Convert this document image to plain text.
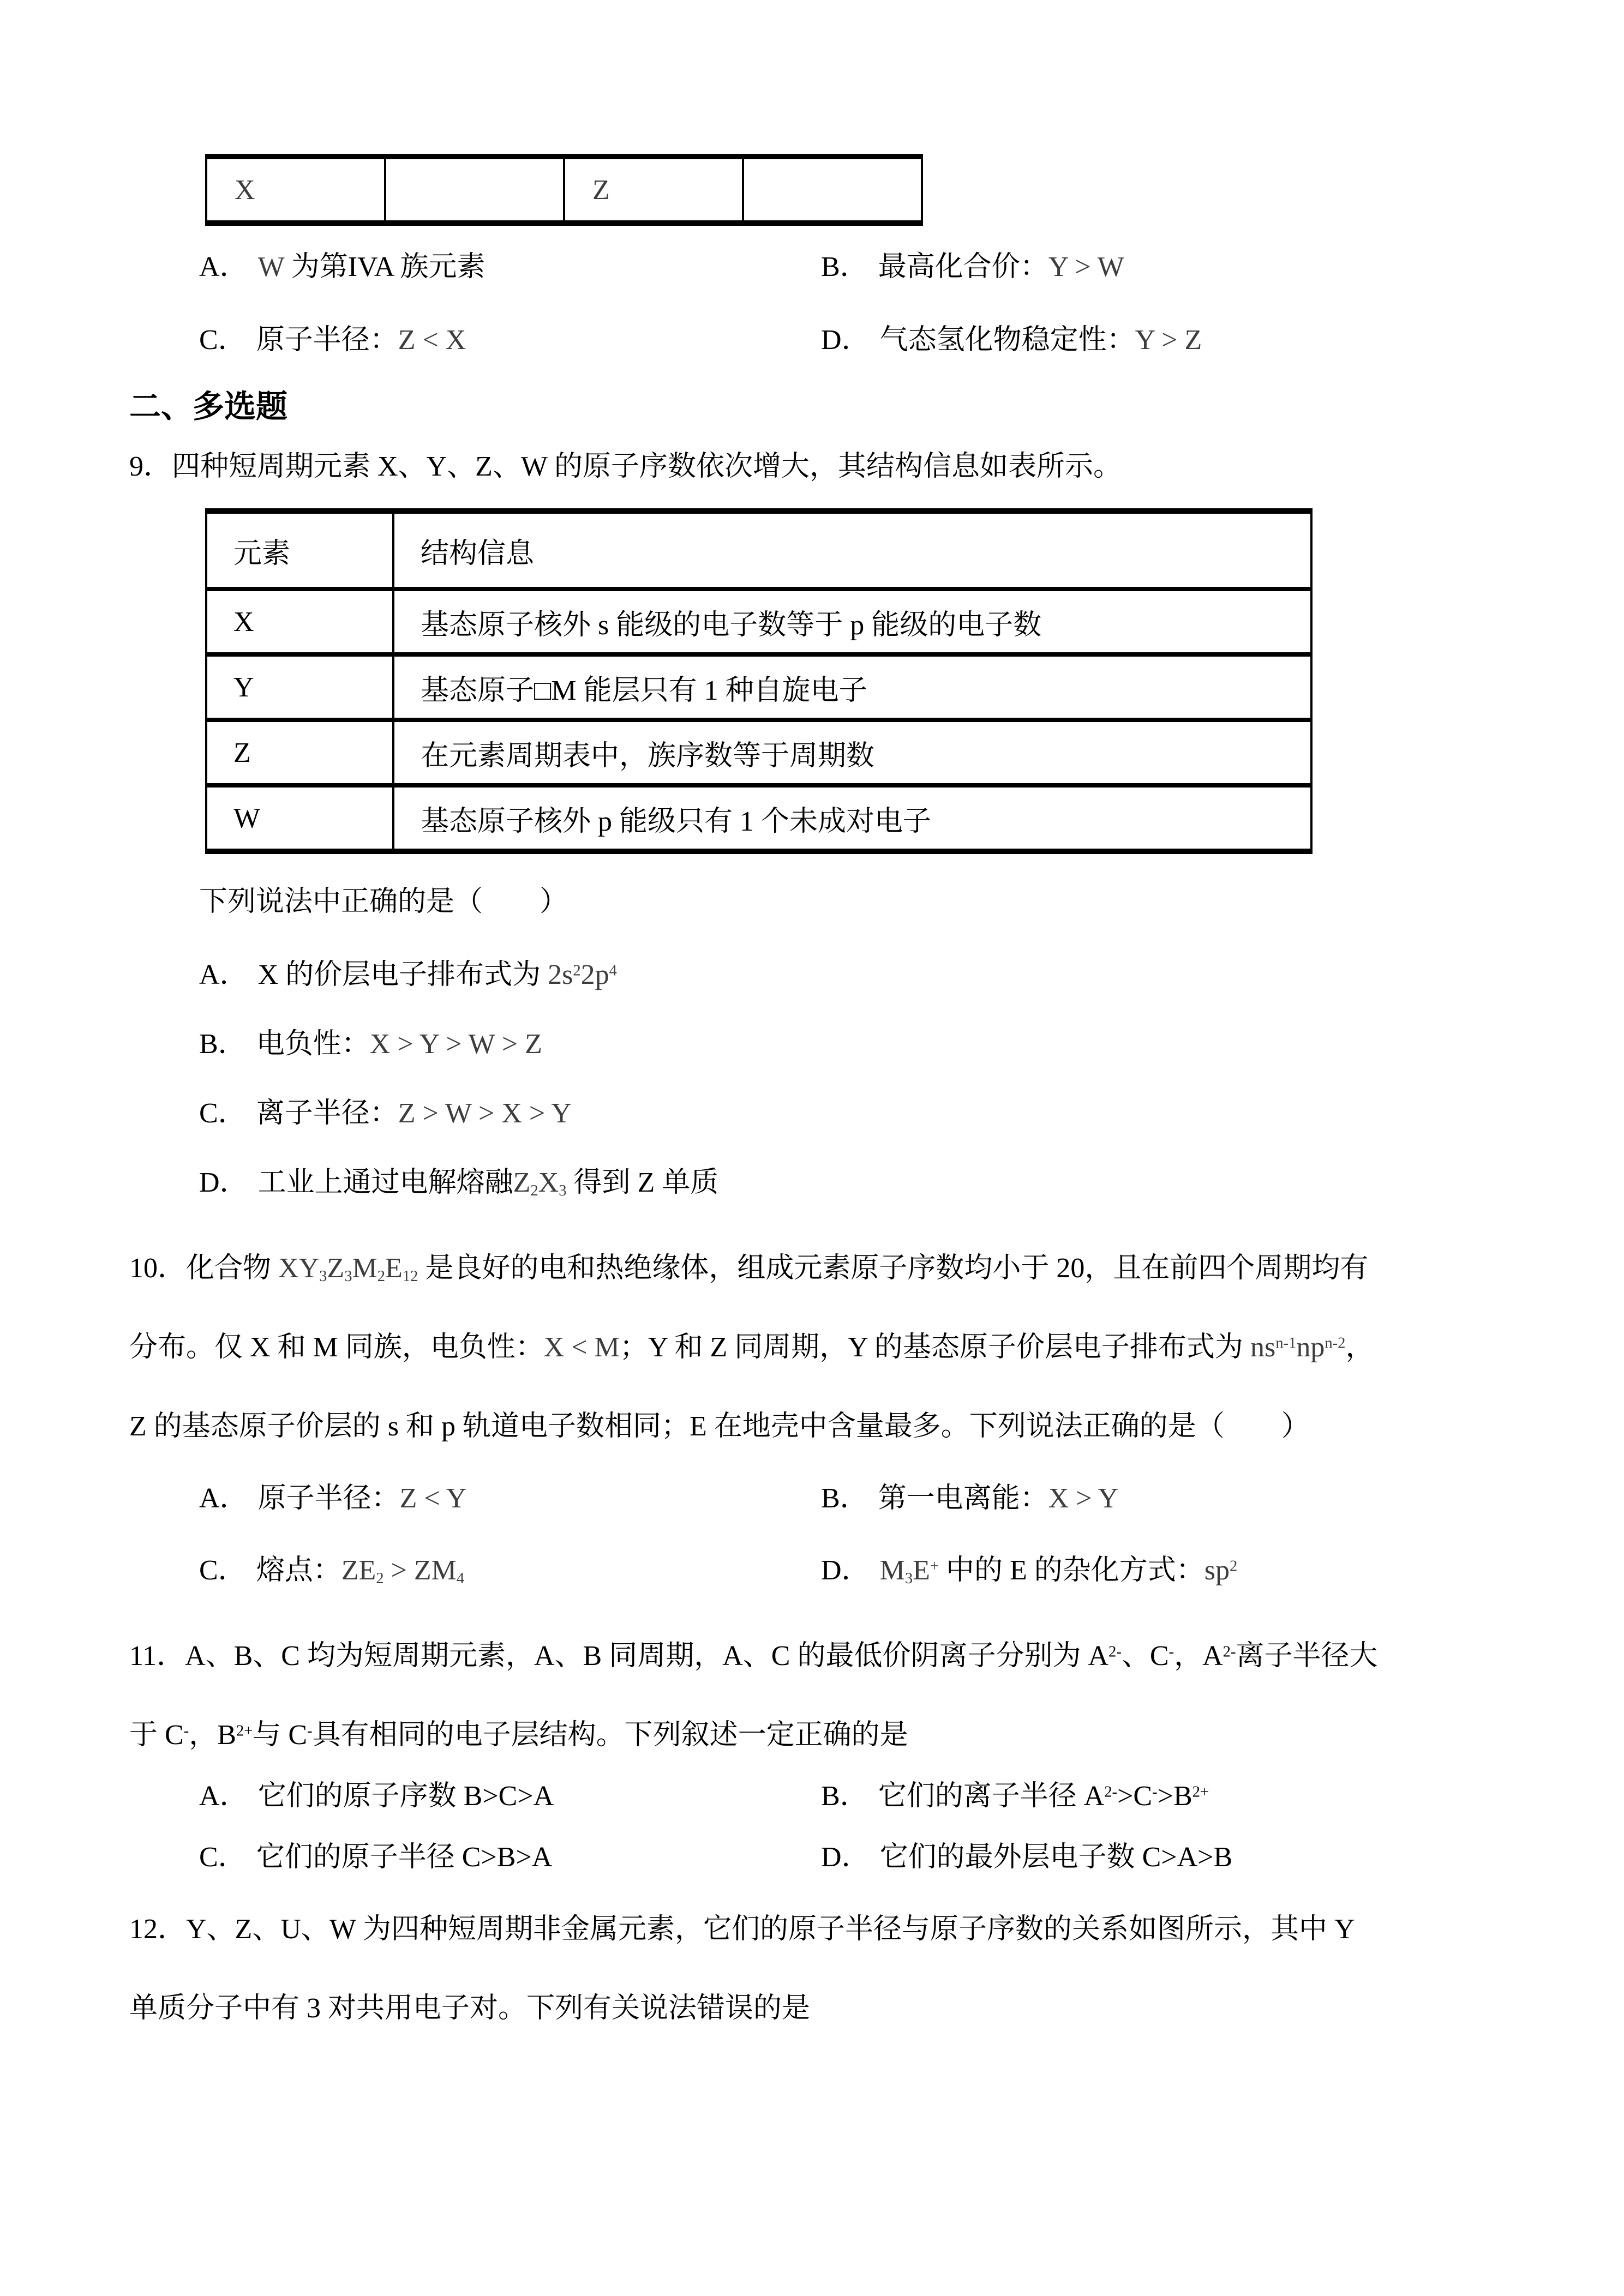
X		Z	
A． W 为第IVA 族元素	B． 最高化合价：Y > W
C． 原子半径：Z < X	D． 气态氢化物稳定性：Y > Z
二、多选题
9．四种短周期元素 X、Y、Z、W 的原子序数依次增大，其结构信息如表所示。
元素	结构信息
X	基态原子核外 s 能级的电子数等于 p 能级的电子数
Y	基态原子□M 能层只有 1 种自旋电子
Z	在元素周期表中，族序数等于周期数
W	基态原子核外 p 能级只有 1 个未成对电子
下列说法中正确的是（　　）
A． X 的价层电子排布式为 $2s^22p^4$
B． 电负性：X > Y > W > Z
C． 离子半径：Z > W > X > Y
D． 工业上通过电解熔融$Z_2X_3$ 得到 Z 单质
10．化合物 $XY_3Z_3M_2E_{12}$ 是良好的电和热绝缘体，组成元素原子序数均小于 20，且在前四个周期均有
分布。仅 X 和 M 同族，电负性：X < M；Y 和 Z 同周期，Y 的基态原子价层电子排布式为 $ns^{n-1}np^{n-2}$，
Z 的基态原子价层的 s 和 p 轨道电子数相同；E 在地壳中含量最多。下列说法正确的是（　　）
A． 原子半径：Z < Y	B． 第一电离能：X > Y
C． 熔点：$ZE_2 > ZM_4$	D． $M_3E^+$ 中的 E 的杂化方式：$sp^2$
11．A、B、C 均为短周期元素，A、B 同周期，A、C 的最低价阴离子分别为 $A^{2-}$、C-，$A^{2-}$离子半径大
于 C-，$B^{2+}$与 C-具有相同的电子层结构。下列叙述一定正确的是
A． 它们的原子序数 B>C>A	B． 它们的离子半径 $A^{2-}>C^->B^{2+}$
C． 它们的原子半径 C>B>A	D． 它们的最外层电子数 C>A>B
12．Y、Z、U、W 为四种短周期非金属元素，它们的原子半径与原子序数的关系如图所示，其中 Y
单质分子中有 3 对共用电子对。下列有关说法错误的是
